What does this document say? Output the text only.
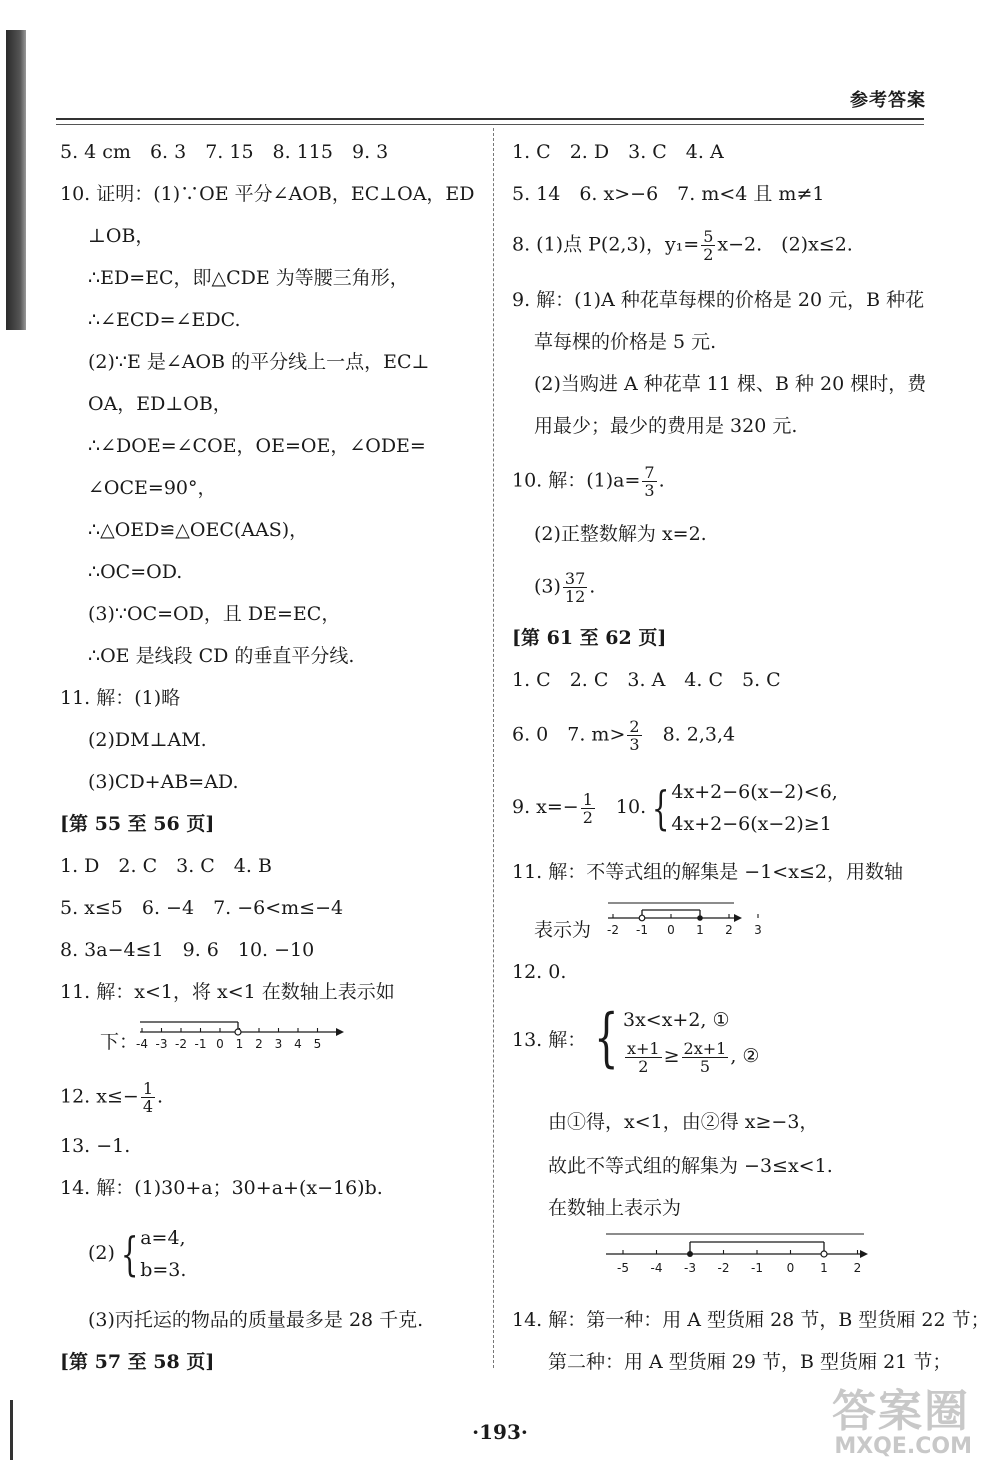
参考答案
5. 4 cm　6. 3　7. 15　8. 115　9. 3
10. 证明：(1)∵OE 平分∠AOB，EC⊥OA，ED
⊥OB，
∴ED=EC，即△CDE 为等腰三角形，
∴∠ECD=∠EDC.
(2)∵E 是∠AOB 的平分线上一点，EC⊥
OA，ED⊥OB，
∴∠DOE=∠COE，OE=OE，∠ODE=
∠OCE=90°，
∴△OED≌△OEC(AAS)，
∴OC=OD.
(3)∵OC=OD，且 DE=EC，
∴OE 是线段 CD 的垂直平分线.
11. 解：(1)略
(2)DM⊥AM.
(3)CD+AB=AD.
[第 55 至 56 页]
1. D　2. C　3. C　4. B
5. x≤5　6. −4　7. −6<m≤−4
8. 3a−4≤1　9. 6　10. −10
11. 解：x<1，将 x<1 在数轴上表示如
下：
-4 -3 -2 -1 0 1 2 3 4 5
12. $x\le- \frac{1}{4}$ .
13. −1.
14. 解：(1)30+a；30+a+(x−16)b.
(2) { a=4,
b=3.
(3)丙托运的物品的质量最多是 28 千克.
[第 57 至 58 页]
1. C　2. D　3. C　4. A
5. 14　6. x>−6　7. m<4 且 m≠1
8. (1)点 P(2,3)，$y_1= \frac{5}{2} x-2$.　(2)x≤2.
9. 解：(1)A 种花草每棵的价格是 20 元，B 种花
草每棵的价格是 5 元.
(2)当购进 A 种花草 11 棵、B 种 20 棵时，费
用最少；最少的费用是 320 元.
10. 解：$(1)a= \frac{7}{3}$ .
(2)正整数解为 x=2.
$(3) \frac{37}{12}$ .
[第 61 至 62 页]
1. C　2. C　3. A　4. C　5. C
6. 0　7. $m> \frac{2}{3}$ 　8. 2,3,4
9. $x=- \frac{1}{2}$ 　10. { 4x+2−6(x−2)<6,
4x+2−6(x−2)≥1
11. 解：不等式组的解集是 −1<x≤2，用数轴
表示为 -2 -1 0 1 2 3
12. 0.
13. 解： { 3x<x+2, ①
$\frac{x+1}{2} \ge \frac{2x+1}{5}$ , ②
由①得，x<1，由②得 x≥−3，
故此不等式组的解集为 −3≤x<1.
在数轴上表示为
-5 -4 -3 -2 -1 0 1 2
14. 解：第一种：用 A 型货厢 28 节，B 型货厢 22 节；
第二种：用 A 型货厢 29 节，B 型货厢 21 节；
·193·	答案圈
MXQE.COM
